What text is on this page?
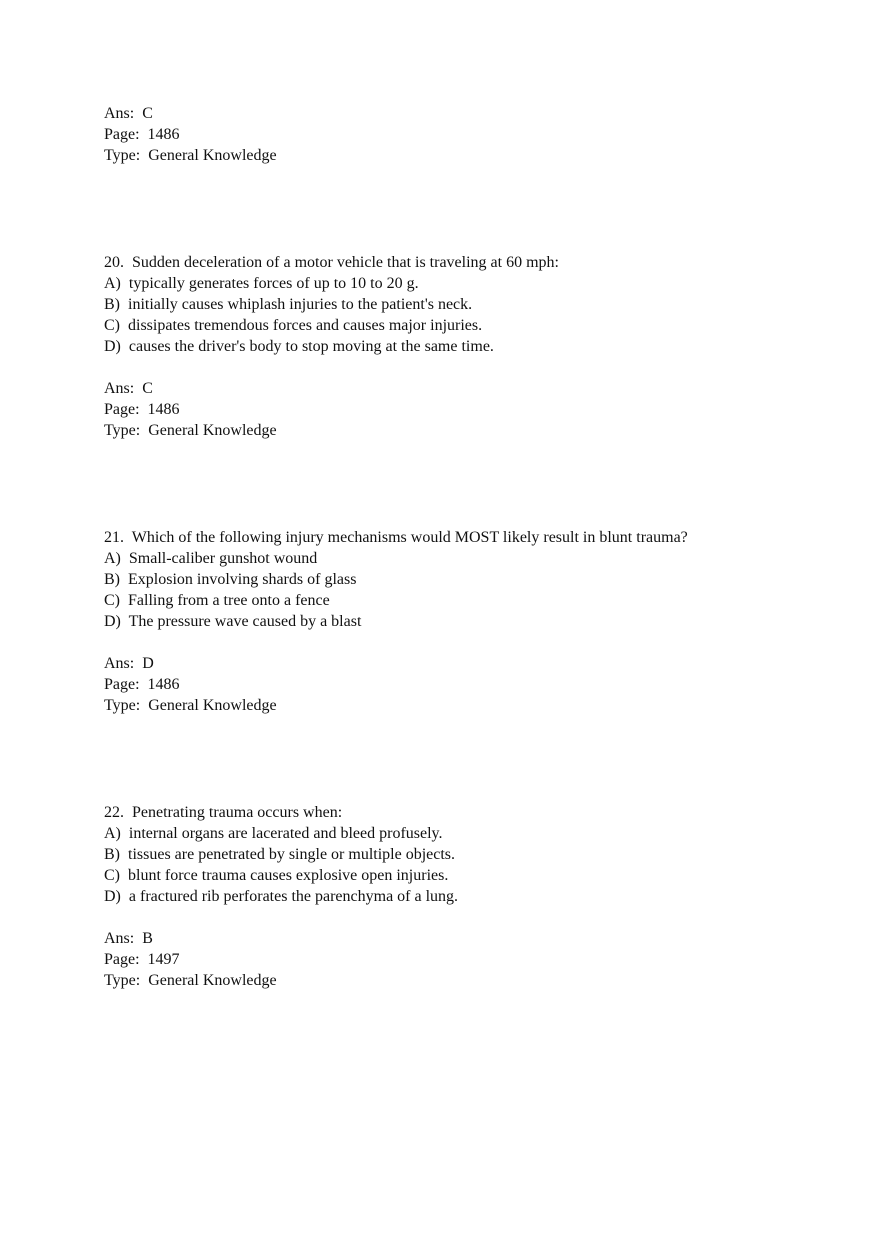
Ans:  C
Page:  1486
Type:  General Knowledge
20.  Sudden deceleration of a motor vehicle that is traveling at 60 mph:
A)  typically generates forces of up to 10 to 20 g.
B)  initially causes whiplash injuries to the patient's neck.
C)  dissipates tremendous forces and causes major injuries.
D)  causes the driver's body to stop moving at the same time.
Ans:  C
Page:  1486
Type:  General Knowledge
21.  Which of the following injury mechanisms would MOST likely result in blunt trauma?
A)  Small-caliber gunshot wound
B)  Explosion involving shards of glass
C)  Falling from a tree onto a fence
D)  The pressure wave caused by a blast
Ans:  D
Page:  1486
Type:  General Knowledge
22.  Penetrating trauma occurs when:
A)  internal organs are lacerated and bleed profusely.
B)  tissues are penetrated by single or multiple objects.
C)  blunt force trauma causes explosive open injuries.
D)  a fractured rib perforates the parenchyma of a lung.
Ans:  B
Page:  1497
Type:  General Knowledge
